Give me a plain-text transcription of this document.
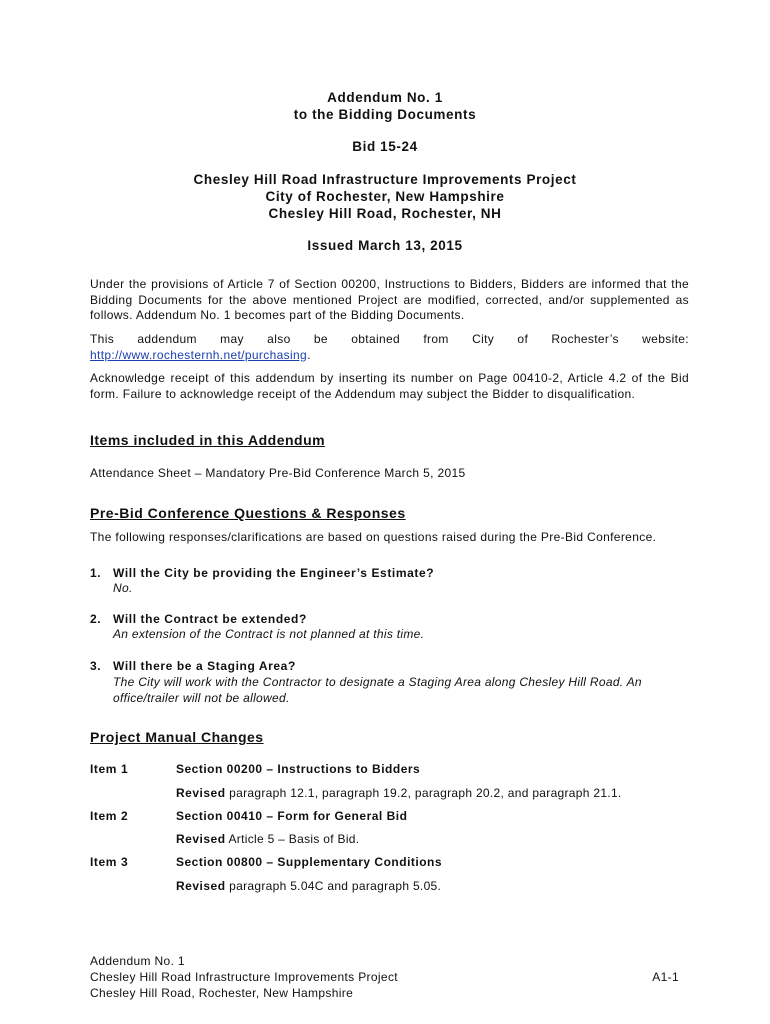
Addendum No. 1
to the Bidding Documents
Bid 15-24
Chesley Hill Road Infrastructure Improvements Project
City of Rochester, New Hampshire
Chesley Hill Road, Rochester, NH
Issued March 13, 2015
Under the provisions of Article 7 of Section 00200, Instructions to Bidders, Bidders are informed that the Bidding Documents for the above mentioned Project are modified, corrected, and/or supplemented as follows. Addendum No. 1 becomes part of the Bidding Documents.
This addendum may also be obtained from City of Rochester’s website:
http://www.rochesternh.net/purchasing.
Acknowledge receipt of this addendum by inserting its number on Page 00410-2, Article 4.2 of the Bid form. Failure to acknowledge receipt of the Addendum may subject the Bidder to disqualification.
Items included in this Addendum
Attendance Sheet – Mandatory Pre-Bid Conference March 5, 2015
Pre-Bid Conference Questions & Responses
The following responses/clarifications are based on questions raised during the Pre-Bid Conference.
1. Will the City be providing the Engineer’s Estimate?
No.
2. Will the Contract be extended?
An extension of the Contract is not planned at this time.
3. Will there be a Staging Area?
The City will work with the Contractor to designate a Staging Area along Chesley Hill Road. An office/trailer will not be allowed.
Project Manual Changes
Item 1	Section 00200 – Instructions to Bidders
Revised paragraph 12.1, paragraph 19.2, paragraph 20.2, and paragraph 21.1.
Item 2	Section 00410 – Form for General Bid
Revised Article 5 – Basis of Bid.
Item 3	Section 00800 – Supplementary Conditions
Revised paragraph 5.04C and paragraph 5.05.
Addendum No. 1
Chesley Hill Road Infrastructure Improvements Project	A1-1
Chesley Hill Road, Rochester, New Hampshire
